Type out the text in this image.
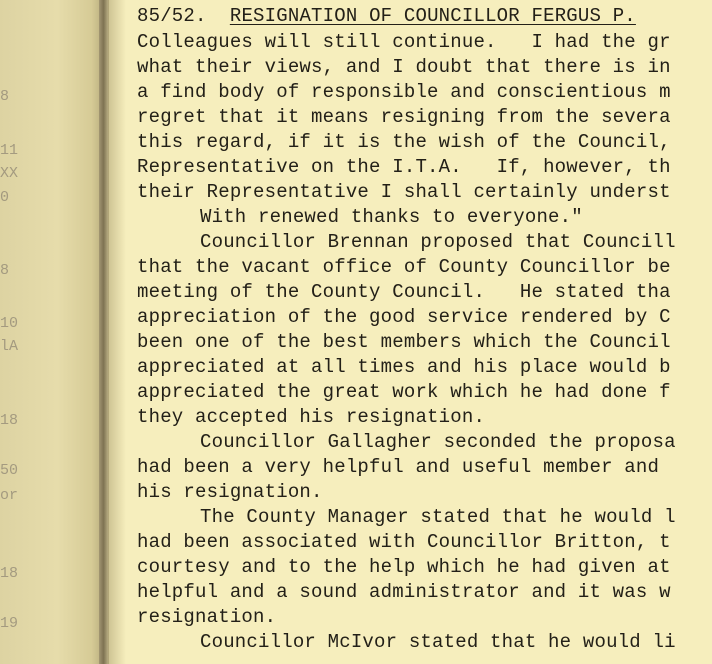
8
11
XX
0
8
10
lA
18
50
or
18
19
85/52. RESIGNATION OF COUNCILLOR FERGUS P.
Colleagues will still continue.   I had the gr
what their views, and I doubt that there is in
a find body of responsible and conscientious m
regret that it means resigning from the severa
this regard, if it is the wish of the Council,
Representative on the I.T.A.   If, however, th
their Representative I shall certainly underst
With renewed thanks to everyone."
Councillor Brennan proposed that Councill
that the vacant office of County Councillor be
meeting of the County Council.   He stated tha
appreciation of the good service rendered by C
been one of the best members which the Council
appreciated at all times and his place would b
appreciated the great work which he had done f
they accepted his resignation.
Councillor Gallagher seconded the proposa
had been a very helpful and useful member and
his resignation.
The County Manager stated that he would l
had been associated with Councillor Britton, t
courtesy and to the help which he had given at
helpful and a sound administrator and it was w
resignation.
Councillor McIvor stated that he would li
